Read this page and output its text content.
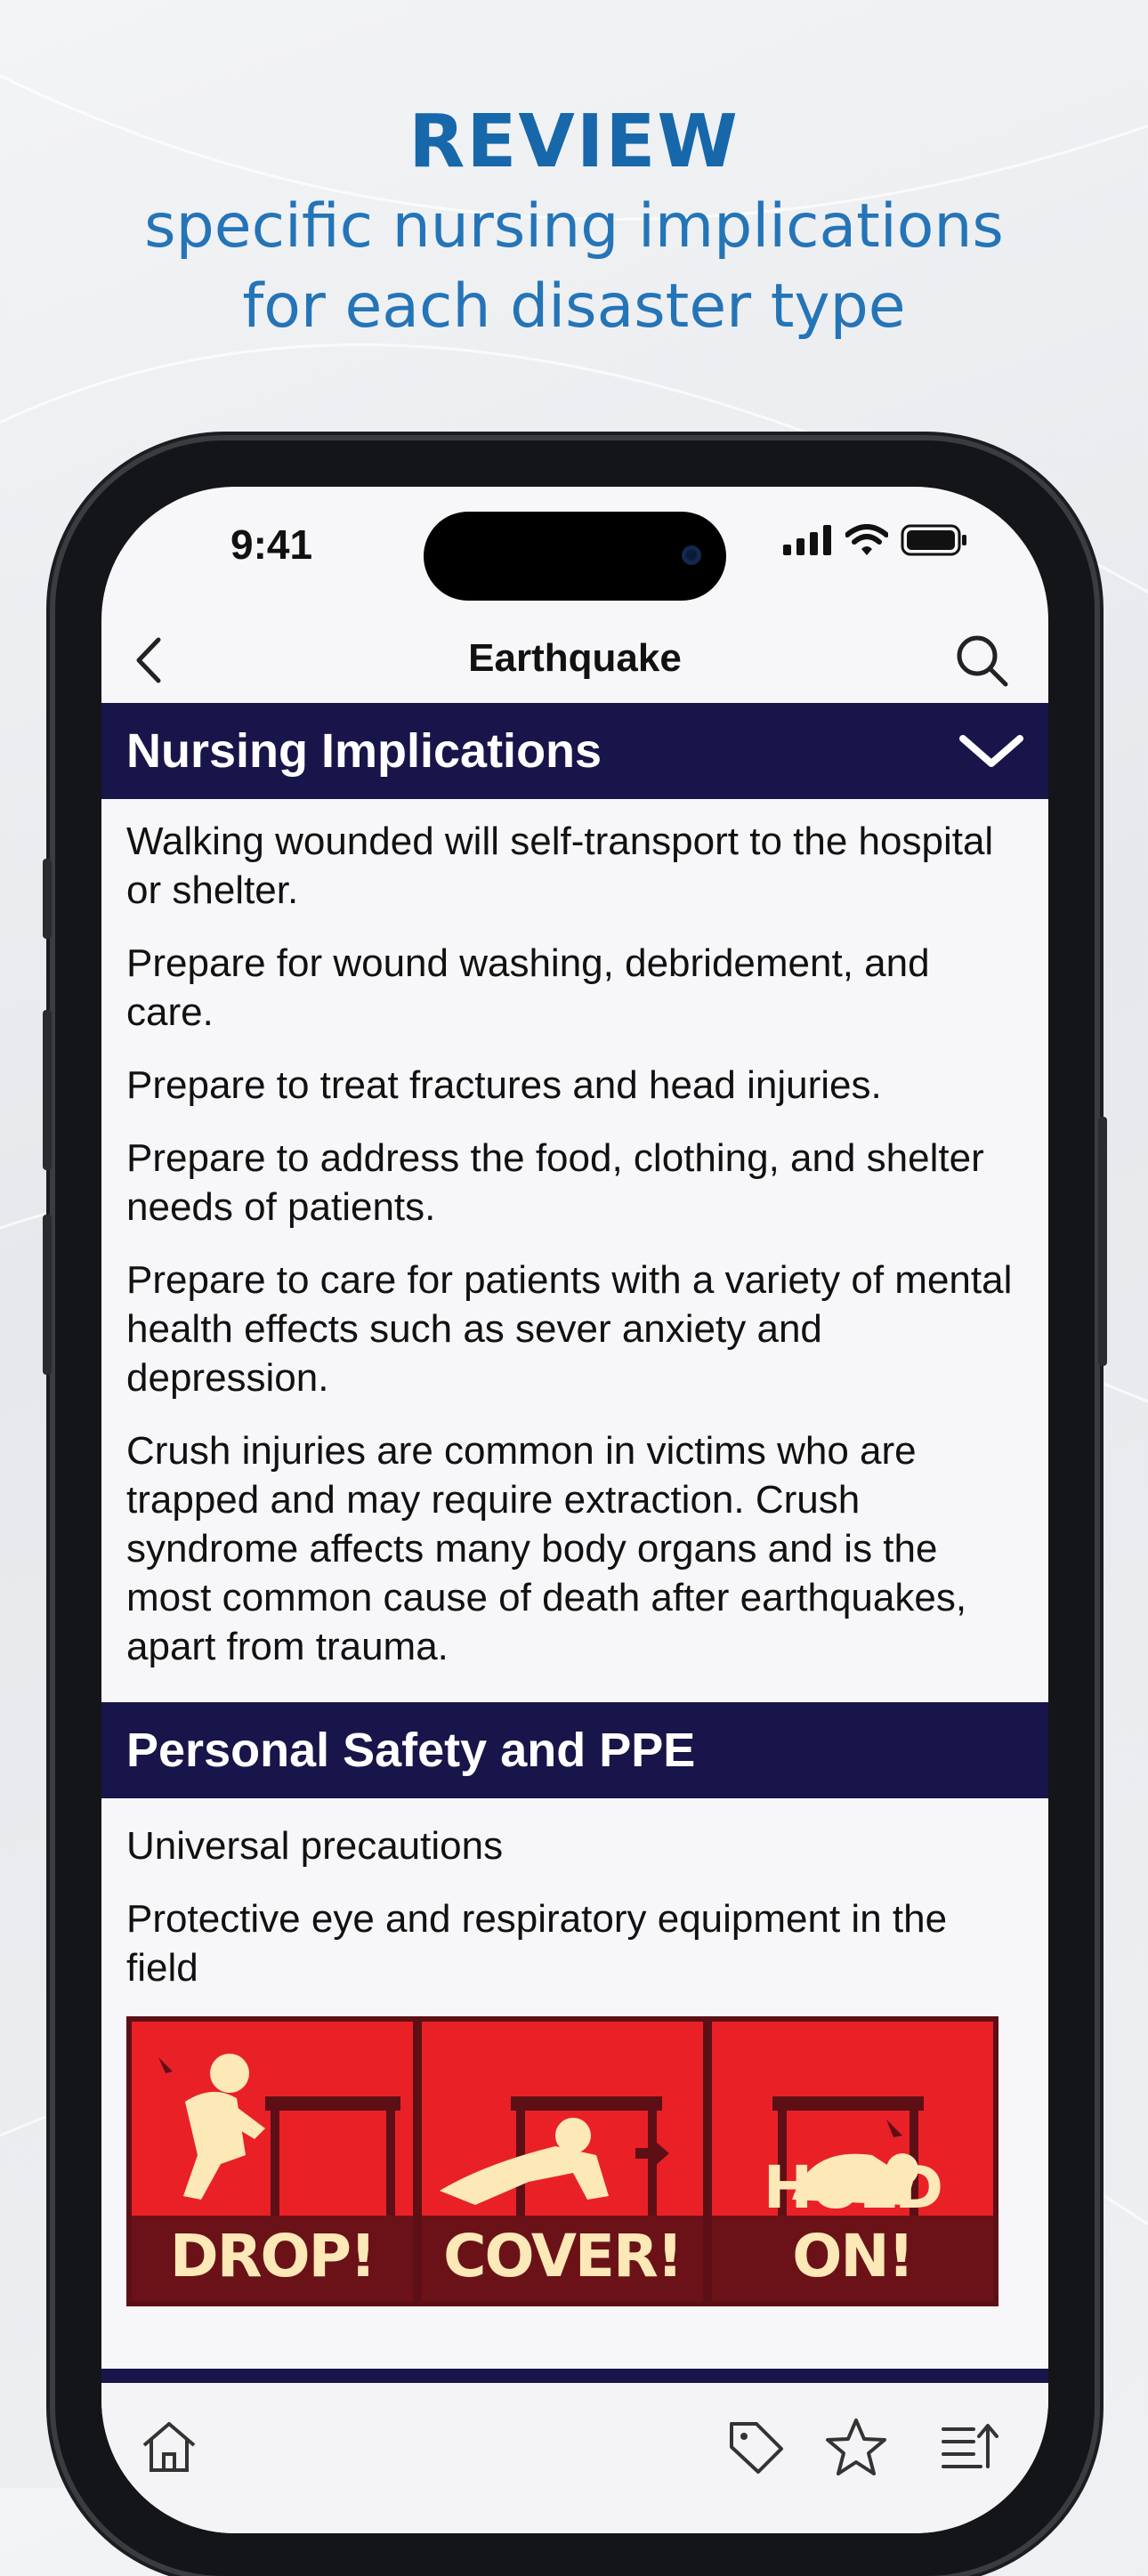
REVIEW
specific nursing implications
for each disaster type
9:41
Earthquake
Nursing Implications

Walking wounded will self-transport to the hospital or shelter.

Prepare for wound washing, debridement, and care.

Prepare to treat fractures and head injuries.

Prepare to address the food, clothing, and shelter needs of patients.

Prepare to care for patients with a variety of mental health effects such as sever anxiety and depression.

Crush injuries are common in victims who are trapped and may require extraction. Crush syndrome affects many body organs and is the most common cause of death after earthquakes, apart from trauma.

Personal Safety and PPE

Universal precautions

Protective eye and respiratory equipment in the field

DROP!	COVER!
HOLD ON!
